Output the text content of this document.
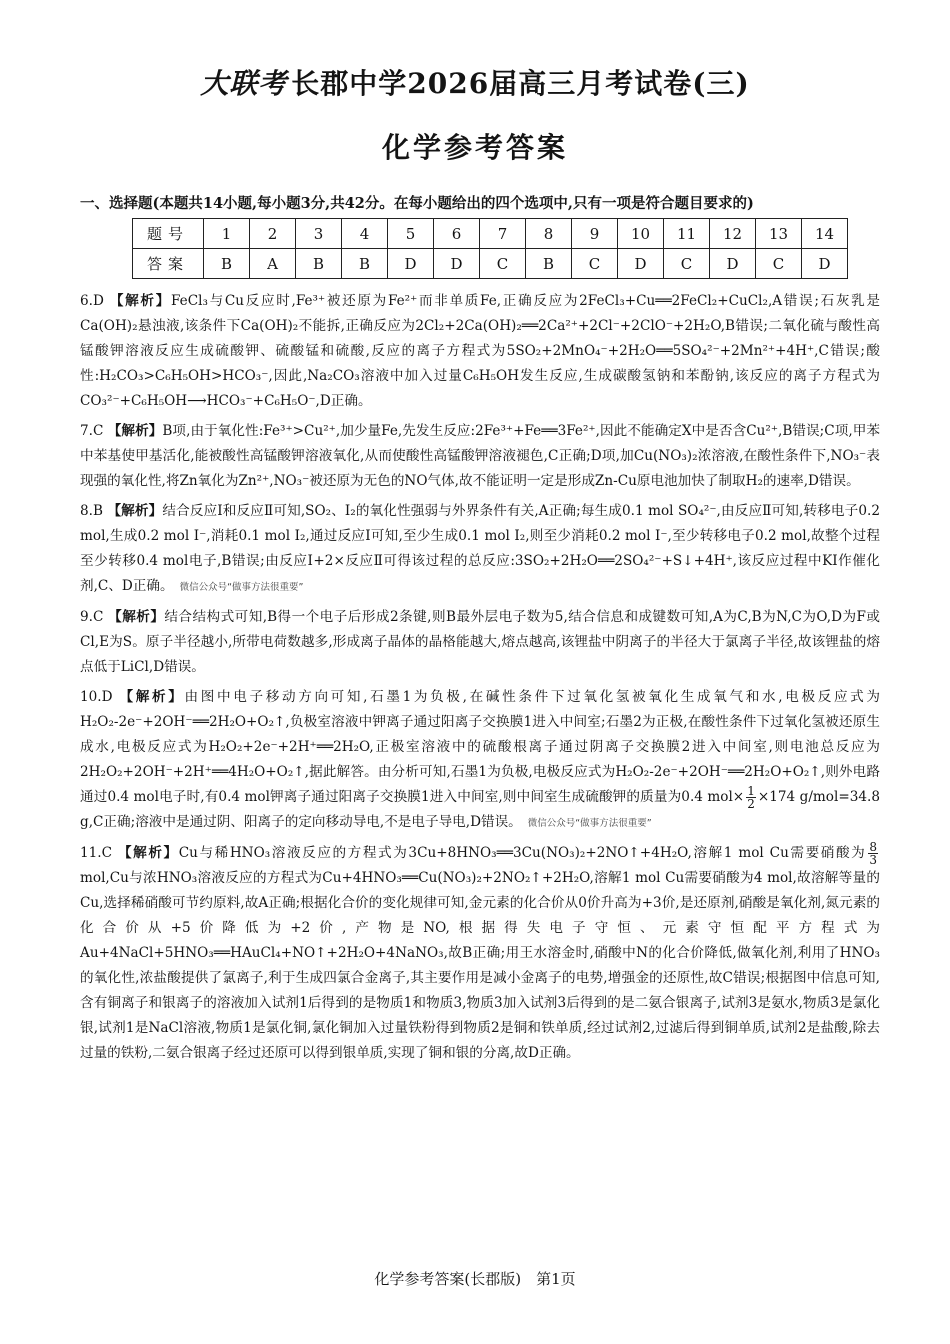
大联考 长郡中学2026届高三月考试卷(三)
化学参考答案
一、选择题(本题共14小题,每小题3分,共42分。在每小题给出的四个选项中,只有一项是符合题目要求的)
题号	1	2	3	4	5	6	7	8	9	10	11	12	13	14
答案	B	A	B	B	D	D	C	B	C	D	C	D	C	D

6.D 【解析】FeCl₃与Cu反应时,Fe³⁺被还原为Fe²⁺而非单质Fe,正确反应为2FeCl₃+Cu══2FeCl₂+CuCl₂,A错误;石灰乳是Ca(OH)₂悬浊液,该条件下Ca(OH)₂不能拆,正确反应为2Cl₂+2Ca(OH)₂══2Ca²⁺+2Cl⁻+2ClO⁻+2H₂O,B错误;二氧化硫与酸性高锰酸钾溶液反应生成硫酸钾、硫酸锰和硫酸,反应的离子方程式为5SO₂+2MnO₄⁻+2H₂O══5SO₄²⁻+2Mn²⁺+4H⁺,C错误;酸性:H₂CO₃>C₆H₅OH>HCO₃⁻,因此,Na₂CO₃溶液中加入过量C₆H₅OH发生反应,生成碳酸氢钠和苯酚钠,该反应的离子方程式为CO₃²⁻+C₆H₅OH⟶HCO₃⁻+C₆H₅O⁻,D正确。

7.C 【解析】B项,由于氧化性:Fe³⁺>Cu²⁺,加少量Fe,先发生反应:2Fe³⁺+Fe══3Fe²⁺,因此不能确定X中是否含Cu²⁺,B错误;C项,甲苯中苯基使甲基活化,能被酸性高锰酸钾溶液氧化,从而使酸性高锰酸钾溶液褪色,C正确;D项,加Cu(NO₃)₂浓溶液,在酸性条件下,NO₃⁻表现强的氧化性,将Zn氧化为Zn²⁺,NO₃⁻被还原为无色的NO气体,故不能证明一定是形成Zn-Cu原电池加快了制取H₂的速率,D错误。

8.B 【解析】结合反应Ⅰ和反应Ⅱ可知,SO₂、I₂的氧化性强弱与外界条件有关,A正确;每生成0.1 mol SO₄²⁻,由反应Ⅱ可知,转移电子0.2 mol,生成0.2 mol I⁻,消耗0.1 mol I₂,通过反应Ⅰ可知,至少生成0.1 mol I₂,则至少消耗0.2 mol I⁻,至少转移电子0.2 mol,故整个过程至少转移0.4 mol电子,B错误;由反应Ⅰ+2×反应Ⅱ可得该过程的总反应:3SO₂+2H₂O══2SO₄²⁻+S↓+4H⁺,该反应过程中KI作催化剂,C、D正确。 微信公众号“做事方法很重要”

9.C 【解析】结合结构式可知,B得一个电子后形成2条键,则B最外层电子数为5,结合信息和成键数可知,A为C,B为N,C为O,D为F或Cl,E为S。原子半径越小,所带电荷数越多,形成离子晶体的晶格能越大,熔点越高,该锂盐中阴离子的半径大于氯离子半径,故该锂盐的熔点低于LiCl,D错误。

10.D 【解析】由图中电子移动方向可知,石墨1为负极,在碱性条件下过氧化氢被氧化生成氧气和水,电极反应式为H₂O₂-2e⁻+2OH⁻══2H₂O+O₂↑,负极室溶液中钾离子通过阳离子交换膜1进入中间室;石墨2为正极,在酸性条件下过氧化氢被还原生成水,电极反应式为H₂O₂+2e⁻+2H⁺══2H₂O,正极室溶液中的硫酸根离子通过阴离子交换膜2进入中间室,则电池总反应为2H₂O₂+2OH⁻+2H⁺══4H₂O+O₂↑,据此解答。由分析可知,石墨1为负极,电极反应式为H₂O₂-2e⁻+2OH⁻══2H₂O+O₂↑,则外电路通过0.4 mol电子时,有0.4 mol钾离子通过阳离子交换膜1进入中间室,则中间室生成硫酸钾的质量为0.4 $mol\times \frac{1}{2} \times 174$ g/mol=34.8 g,C正确;溶液中是通过阴、阳离子的定向移动导电,不是电子导电,D错误。 微信公众号“做事方法很重要”

11.C 【解析】Cu与稀HNO₃溶液反应的方程式为3Cu+8HNO₃══3Cu(NO₃)₂+2NO↑+4H₂O,溶解1 mol Cu需要硝酸为 $\frac{8}{3}$
mol,Cu与浓HNO₃溶液反应的方程式为Cu+4HNO₃══Cu(NO₃)₂+2NO₂↑+2H₂O,溶解1 mol Cu需要硝酸为4 mol,故溶解等量的Cu,选择稀硝酸可节约原料,故A正确;根据化合价的变化规律可知,金元素的化合价从0价升高为+3价,是还原剂,硝酸是氧化剂,氮元素的化合价从+5价降低为+2价,产物是NO,根据得失电子守恒、元素守恒配平方程式为Au+4NaCl+5HNO₃══HAuCl₄+NO↑+2H₂O+4NaNO₃,故B正确;用王水溶金时,硝酸中N的化合价降低,做氧化剂,利用了HNO₃的氧化性,浓盐酸提供了氯离子,利于生成四氯合金离子,其主要作用是减小金离子的电势,增强金的还原性,故C错误;根据图中信息可知,含有铜离子和银离子的溶液加入试剂1后得到的是物质1和物质3,物质3加入试剂3后得到的是二氨合银离子,试剂3是氨水,物质3是氯化银,试剂1是NaCl溶液,物质1是氯化铜,氯化铜加入过量铁粉得到物质2是铜和铁单质,经过试剂2,过滤后得到铜单质,试剂2是盐酸,除去过量的铁粉,二氨合银离子经过还原可以得到银单质,实现了铜和银的分离,故D正确。

化学参考答案(长郡版)　第1页
